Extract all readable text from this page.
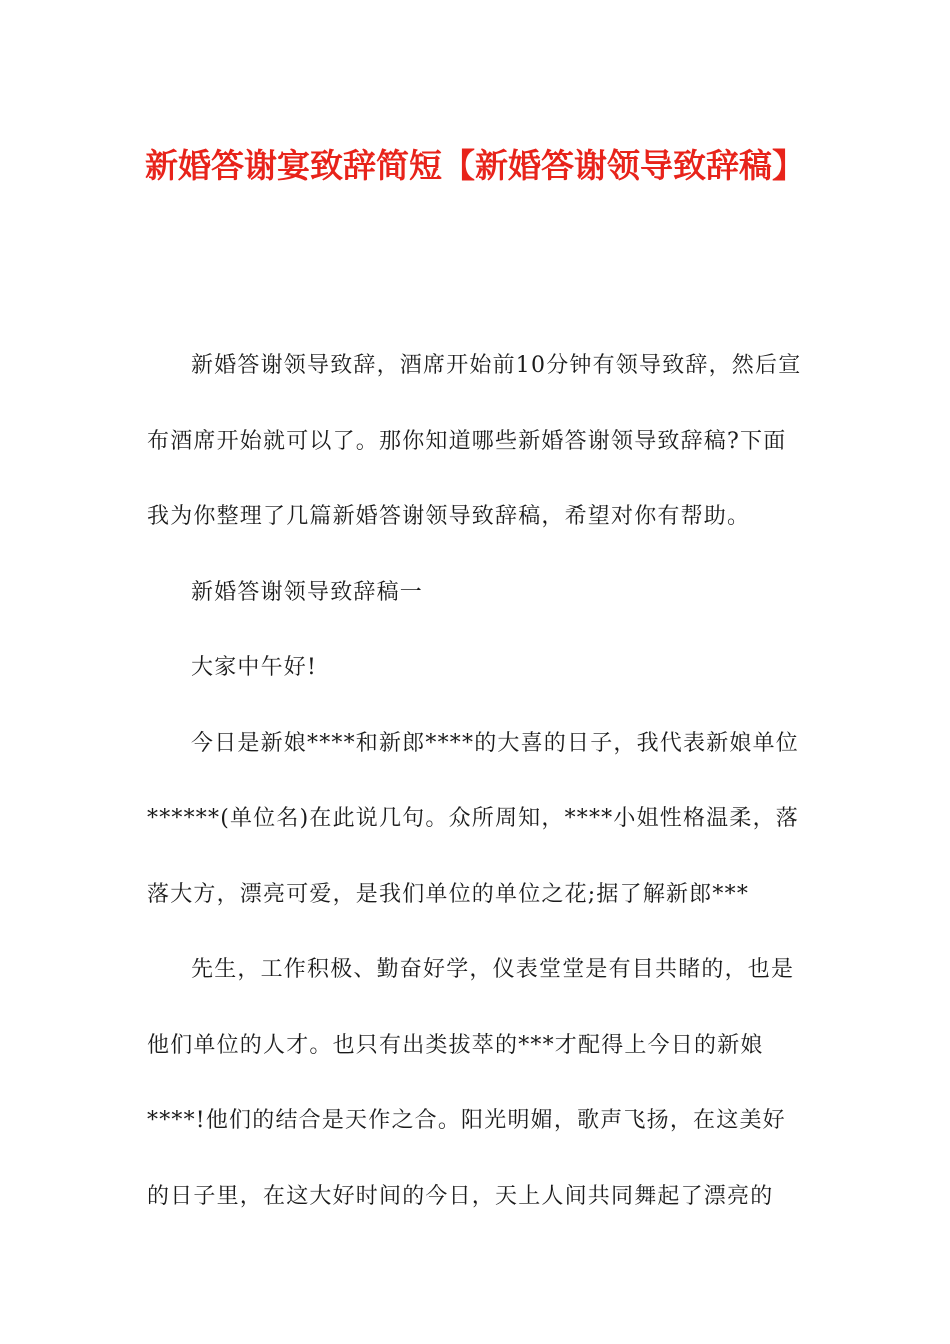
新婚答谢宴致辞简短【新婚答谢领导致辞稿】

新婚答谢领导致辞，酒席开始前10分钟有领导致辞，然后宣布酒席开始就可以了。那你知道哪些新婚答谢领导致辞稿?下面我为你整理了几篇新婚答谢领导致辞稿，希望对你有帮助。

新婚答谢领导致辞稿一

大家中午好!

今日是新娘****和新郎****的大喜的日子，我代表新娘单位******(单位名)在此说几句。众所周知，****小姐性格温柔，落落大方，漂亮可爱，是我们单位的单位之花;据了解新郎***

先生，工作积极、勤奋好学，仪表堂堂是有目共睹的，也是他们单位的人才。也只有出类拔萃的***才配得上今日的新娘****!他们的结合是天作之合。阳光明媚，歌声飞扬，在这美好的日子里，在这大好时间的今日，天上人间共同舞起了漂亮的
